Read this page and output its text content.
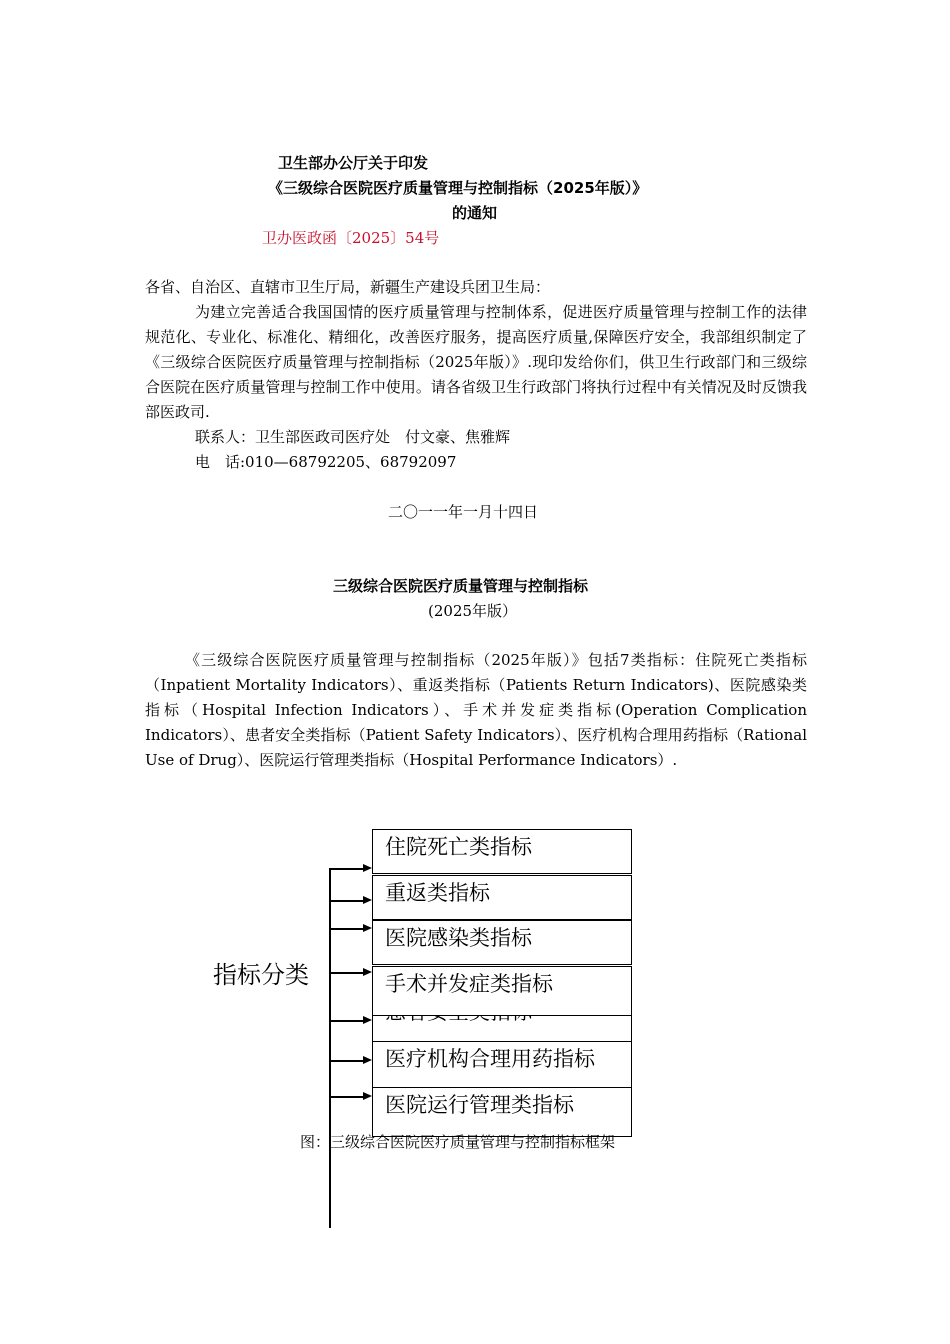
卫生部办公厅关于印发
《三级综合医院医疗质量管理与控制指标（2025年版）》
的通知
卫办医政函〔2025〕54号
各省、自治区、直辖市卫生厅局，新疆生产建设兵团卫生局：
为建立完善适合我国国情的医疗质量管理与控制体系，促进医疗质量管理与控制工作的法律规范化、专业化、标准化、精细化，改善医疗服务，提高医疗质量,保障医疗安全，我部组织制定了《三级综合医院医疗质量管理与控制指标（2025年版）》.现印发给你们，供卫生行政部门和三级综合医院在医疗质量管理与控制工作中使用。请各省级卫生行政部门将执行过程中有关情况及时反馈我部医政司.
联系人：卫生部医政司医疗处　付文豪、焦雅辉
电　话:010—68792205、68792097
二〇一一年一月十四日
三级综合医院医疗质量管理与控制指标
(2025年版）
《三级综合医院医疗质量管理与控制指标（2025年版）》包括7类指标：住院死亡类指标（Inpatient Mortality Indicators）、重返类指标（Patients Return Indicators)、医院感染类指标（Hospital Infection Indicators）、手术并发症类指标(Operation Complication Indicators）、患者安全类指标（Patient Safety Indicators）、医疗机构合理用药指标（Rational Use of Drug）、医院运行管理类指标（Hospital Performance Indicators）.
指标分类
住院死亡类指标
重返类指标
医院感染类指标
手术并发症类指标
医疗机构合理用药指标
医院运行管理类指标
图：三级综合医院医疗质量管理与控制指标框架
